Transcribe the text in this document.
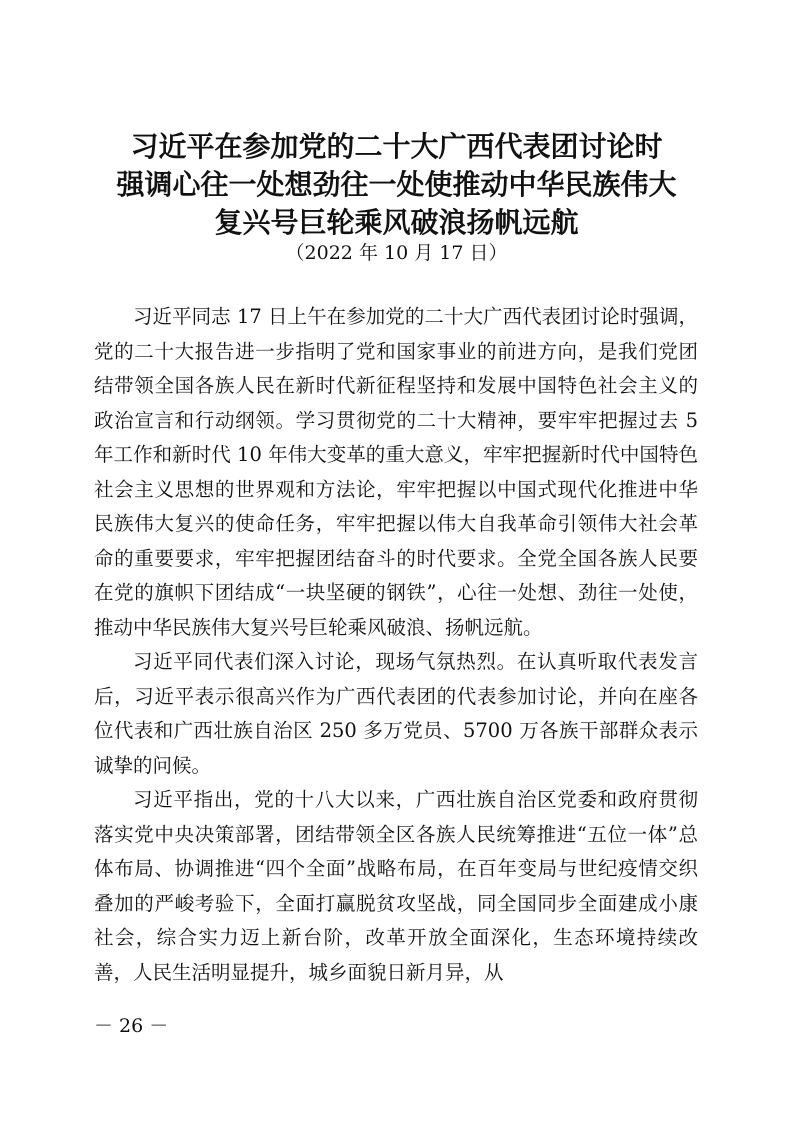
习近平在参加党的二十大广西代表团讨论时
强调心往一处想劲往一处使推动中华民族伟大
复兴号巨轮乘风破浪扬帆远航
（2022 年 10 月 17 日）

习近平同志 17 日上午在参加党的二十大广西代表团讨论时强调，党的二十大报告进一步指明了党和国家事业的前进方向，是我们党团结带领全国各族人民在新时代新征程坚持和发展中国特色社会主义的政治宣言和行动纲领。学习贯彻党的二十大精神，要牢牢把握过去 5 年工作和新时代 10 年伟大变革的重大意义，牢牢把握新时代中国特色社会主义思想的世界观和方法论，牢牢把握以中国式现代化推进中华民族伟大复兴的使命任务，牢牢把握以伟大自我革命引领伟大社会革命的重要要求，牢牢把握团结奋斗的时代要求。全党全国各族人民要在党的旗帜下团结成“一块坚硬的钢铁”，心往一处想、劲往一处使，推动中华民族伟大复兴号巨轮乘风破浪、扬帆远航。

习近平同代表们深入讨论，现场气氛热烈。在认真听取代表发言后，习近平表示很高兴作为广西代表团的代表参加讨论，并向在座各位代表和广西壮族自治区 250 多万党员、5700 万各族干部群众表示诚挚的问候。

习近平指出，党的十八大以来，广西壮族自治区党委和政府贯彻落实党中央决策部署，团结带领全区各族人民统筹推进“五位一体”总体布局、协调推进“四个全面”战略布局，在百年变局与世纪疫情交织叠加的严峻考验下，全面打赢脱贫攻坚战，同全国同步全面建成小康社会，综合实力迈上新台阶，改革开放全面深化，生态环境持续改善，人民生活明显提升，城乡面貌日新月异，从

－ 26 －
